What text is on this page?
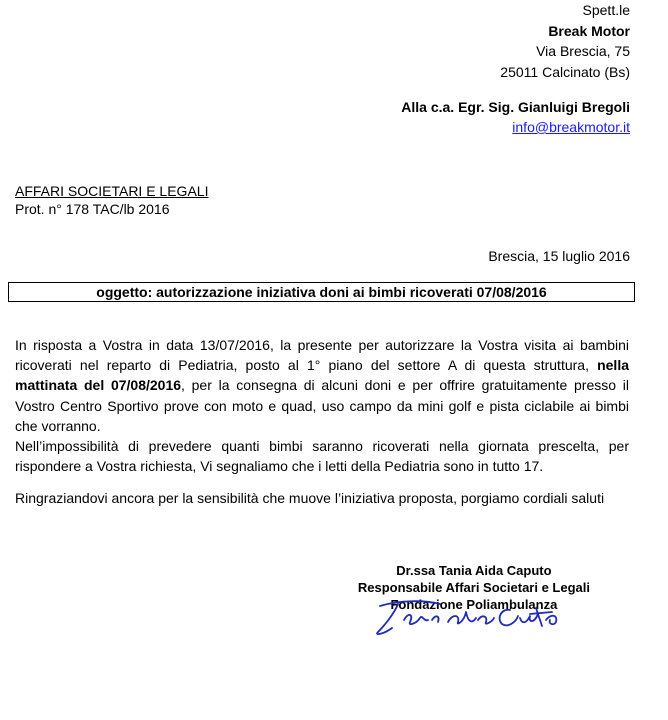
Spett.le
Break Motor
Via Brescia, 75
25011 Calcinato (Bs)
Alla c.a. Egr. Sig. Gianluigi Bregoli
info@breakmotor.it
AFFARI SOCIETARI E LEGALI
Prot. n° 178 TAC/lb 2016
Brescia, 15 luglio 2016
oggetto: autorizzazione iniziativa doni ai bimbi ricoverati 07/08/2016
In risposta a Vostra in data 13/07/2016, la presente per autorizzare la Vostra visita ai bambini ricoverati nel reparto di Pediatria, posto al 1° piano del settore A di questa struttura, nella mattinata del 07/08/2016, per la consegna di alcuni doni e per offrire gratuitamente presso il Vostro Centro Sportivo prove con moto e quad, uso campo da mini golf e pista ciclabile ai bimbi che vorranno.
Nell’impossibilità di prevedere quanti bimbi saranno ricoverati nella giornata prescelta, per rispondere a Vostra richiesta, Vi segnaliamo che i letti della Pediatria sono in tutto 17.
Ringraziandovi ancora per la sensibilità che muove l’iniziativa proposta, porgiamo cordiali saluti
Dr.ssa Tania Aida Caputo
Responsabile Affari Societari e Legali
Fondazione Poliambulanza
